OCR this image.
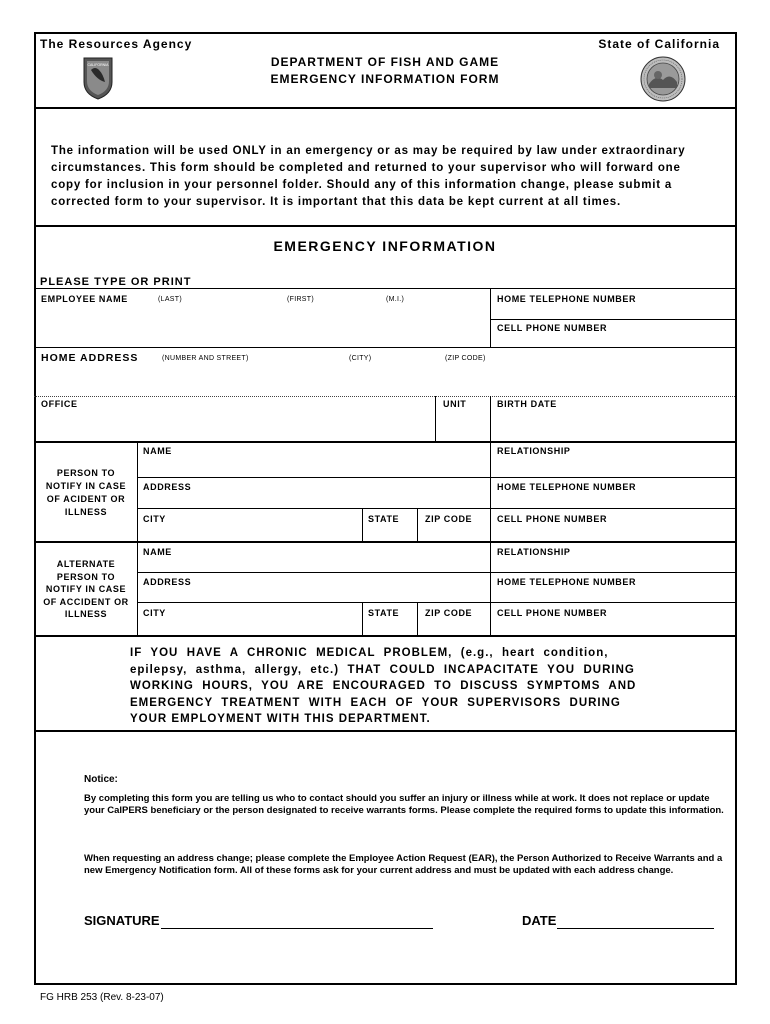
The Resources Agency	State of California
DEPARTMENT OF FISH AND GAME
EMERGENCY INFORMATION FORM
CALIFORNIA
The information will be used ONLY in an emergency or as may be required by law under extraordinary
circumstances. This form should be completed and returned to your supervisor who will forward one
copy for inclusion in your personnel folder. Should any of this information change, please submit a
corrected form to your supervisor. It is important that this data be kept current at all times.
EMERGENCY INFORMATION
PLEASE TYPE OR PRINT
EMPLOYEE NAME	(LAST)	(FIRST)	(M.I.)	HOME TELEPHONE NUMBER
CELL PHONE NUMBER
HOME ADDRESS	(NUMBER AND STREET)	(CITY)	(ZIP CODE)
OFFICE	UNIT	BIRTH DATE
PERSON TO
NOTIFY IN CASE
OF ACIDENT OR
ILLNESS
NAME	RELATIONSHIP
ADDRESS	HOME TELEPHONE NUMBER
CITY	STATE	ZIP CODE	CELL PHONE NUMBER
ALTERNATE
PERSON TO
NOTIFY IN CASE
OF ACCIDENT OR
ILLNESS
NAME	RELATIONSHIP
ADDRESS	HOME TELEPHONE NUMBER
CITY	STATE	ZIP CODE	CELL PHONE NUMBER
IF  YOU  HAVE  A  CHRONIC  MEDICAL  PROBLEM,  (e.g.,  heart  condition,
epilepsy,  asthma,  allergy,  etc.)  THAT  COULD  INCAPACITATE  YOU  DURING
WORKING  HOURS,  YOU  ARE  ENCOURAGED  TO  DISCUSS  SYMPTOMS  AND
EMERGENCY  TREATMENT  WITH  EACH  OF  YOUR  SUPERVISORS  DURING
YOUR EMPLOYMENT WITH THIS DEPARTMENT.
Notice:
By completing this form you are telling us who to contact should you suffer an injury or illness while at work. It does not replace or update your CalPERS beneficiary or the person designated to receive warrants forms. Please complete the required forms to update this information.
When requesting an address change; please complete the Employee Action Request (EAR), the Person Authorized to Receive Warrants and a new Emergency Notification form. All of these forms ask for your current address and must be updated with each address change.
SIGNATURE	DATE
FG HRB 253 (Rev. 8-23-07)
